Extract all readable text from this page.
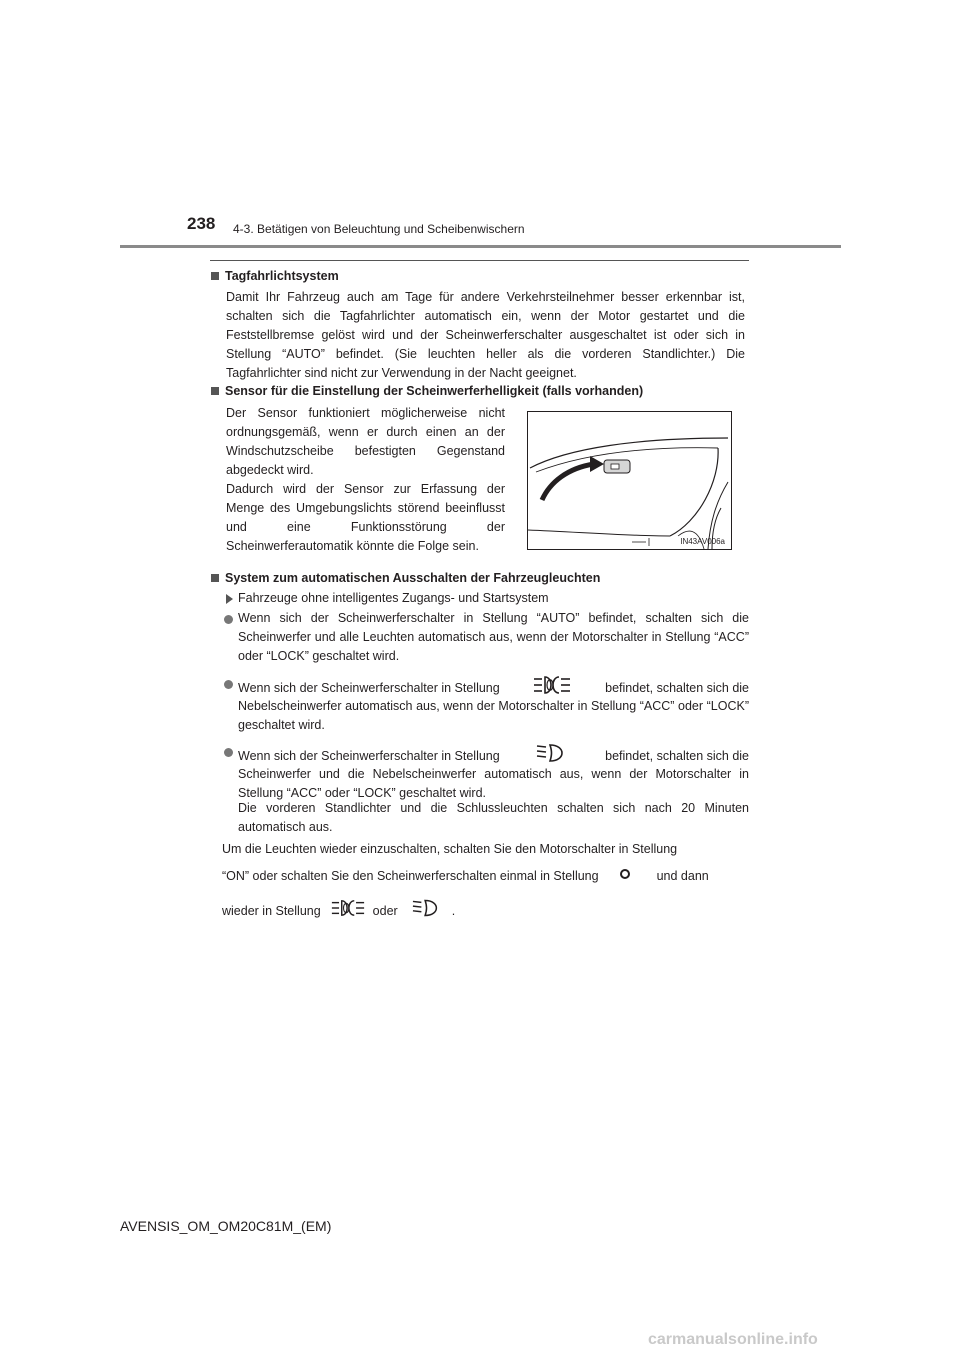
238 4-3. Betätigen von Beleuchtung und Scheibenwischern
Tagfahrlichtsystem
Damit Ihr Fahrzeug auch am Tage für andere Verkehrsteilnehmer besser erkennbar ist, schalten sich die Tagfahrlichter automatisch ein, wenn der Motor gestartet und die Feststellbremse gelöst wird und der Scheinwerferschalter ausgeschaltet ist oder sich in Stellung “AUTO” befindet. (Sie leuchten heller als die vorderen Standlichter.) Die Tagfahrlichter sind nicht zur Verwendung in der Nacht geeignet.
Sensor für die Einstellung der Scheinwerferhelligkeit (falls vorhanden)
Der Sensor funktioniert möglicherweise nicht ordnungsgemäß, wenn er durch einen an der Windschutzscheibe befestigten Gegenstand abgedeckt wird.
Dadurch wird der Sensor zur Erfassung der Menge des Umgebungslichts störend beeinflusst und eine Funktionsstörung der Scheinwerferautomatik könnte die Folge sein.	IN43AV006a
System zum automatischen Ausschalten der Fahrzeugleuchten
Fahrzeuge ohne intelligentes Zugangs- und Startsystem
Wenn sich der Scheinwerferschalter in Stellung “AUTO” befindet, schalten sich die Scheinwerfer und alle Leuchten automatisch aus, wenn der Motorschalter in Stellung “ACC” oder “LOCK” geschaltet wird.
Wenn sich der Scheinwerferschalter in Stellung	befindet, schalten sich die
Nebelscheinwerfer automatisch aus, wenn der Motorschalter in Stellung “ACC” oder “LOCK” geschaltet wird.
Wenn sich der Scheinwerferschalter in Stellung	befindet, schalten sich die
Scheinwerfer und die Nebelscheinwerfer automatisch aus, wenn der Motorschalter in Stellung “ACC” oder “LOCK” geschaltet wird.
Die vorderen Standlichter und die Schlussleuchten schalten sich nach 20 Minuten automatisch aus.
Um die Leuchten wieder einzuschalten, schalten Sie den Motorschalter in Stellung
“ON” oder schalten Sie den Scheinwerferschalten einmal in Stellung	und dann
wieder in Stellung	oder	.
AVENSIS_OM_OM20C81M_(EM)
carmanualsonline.info
